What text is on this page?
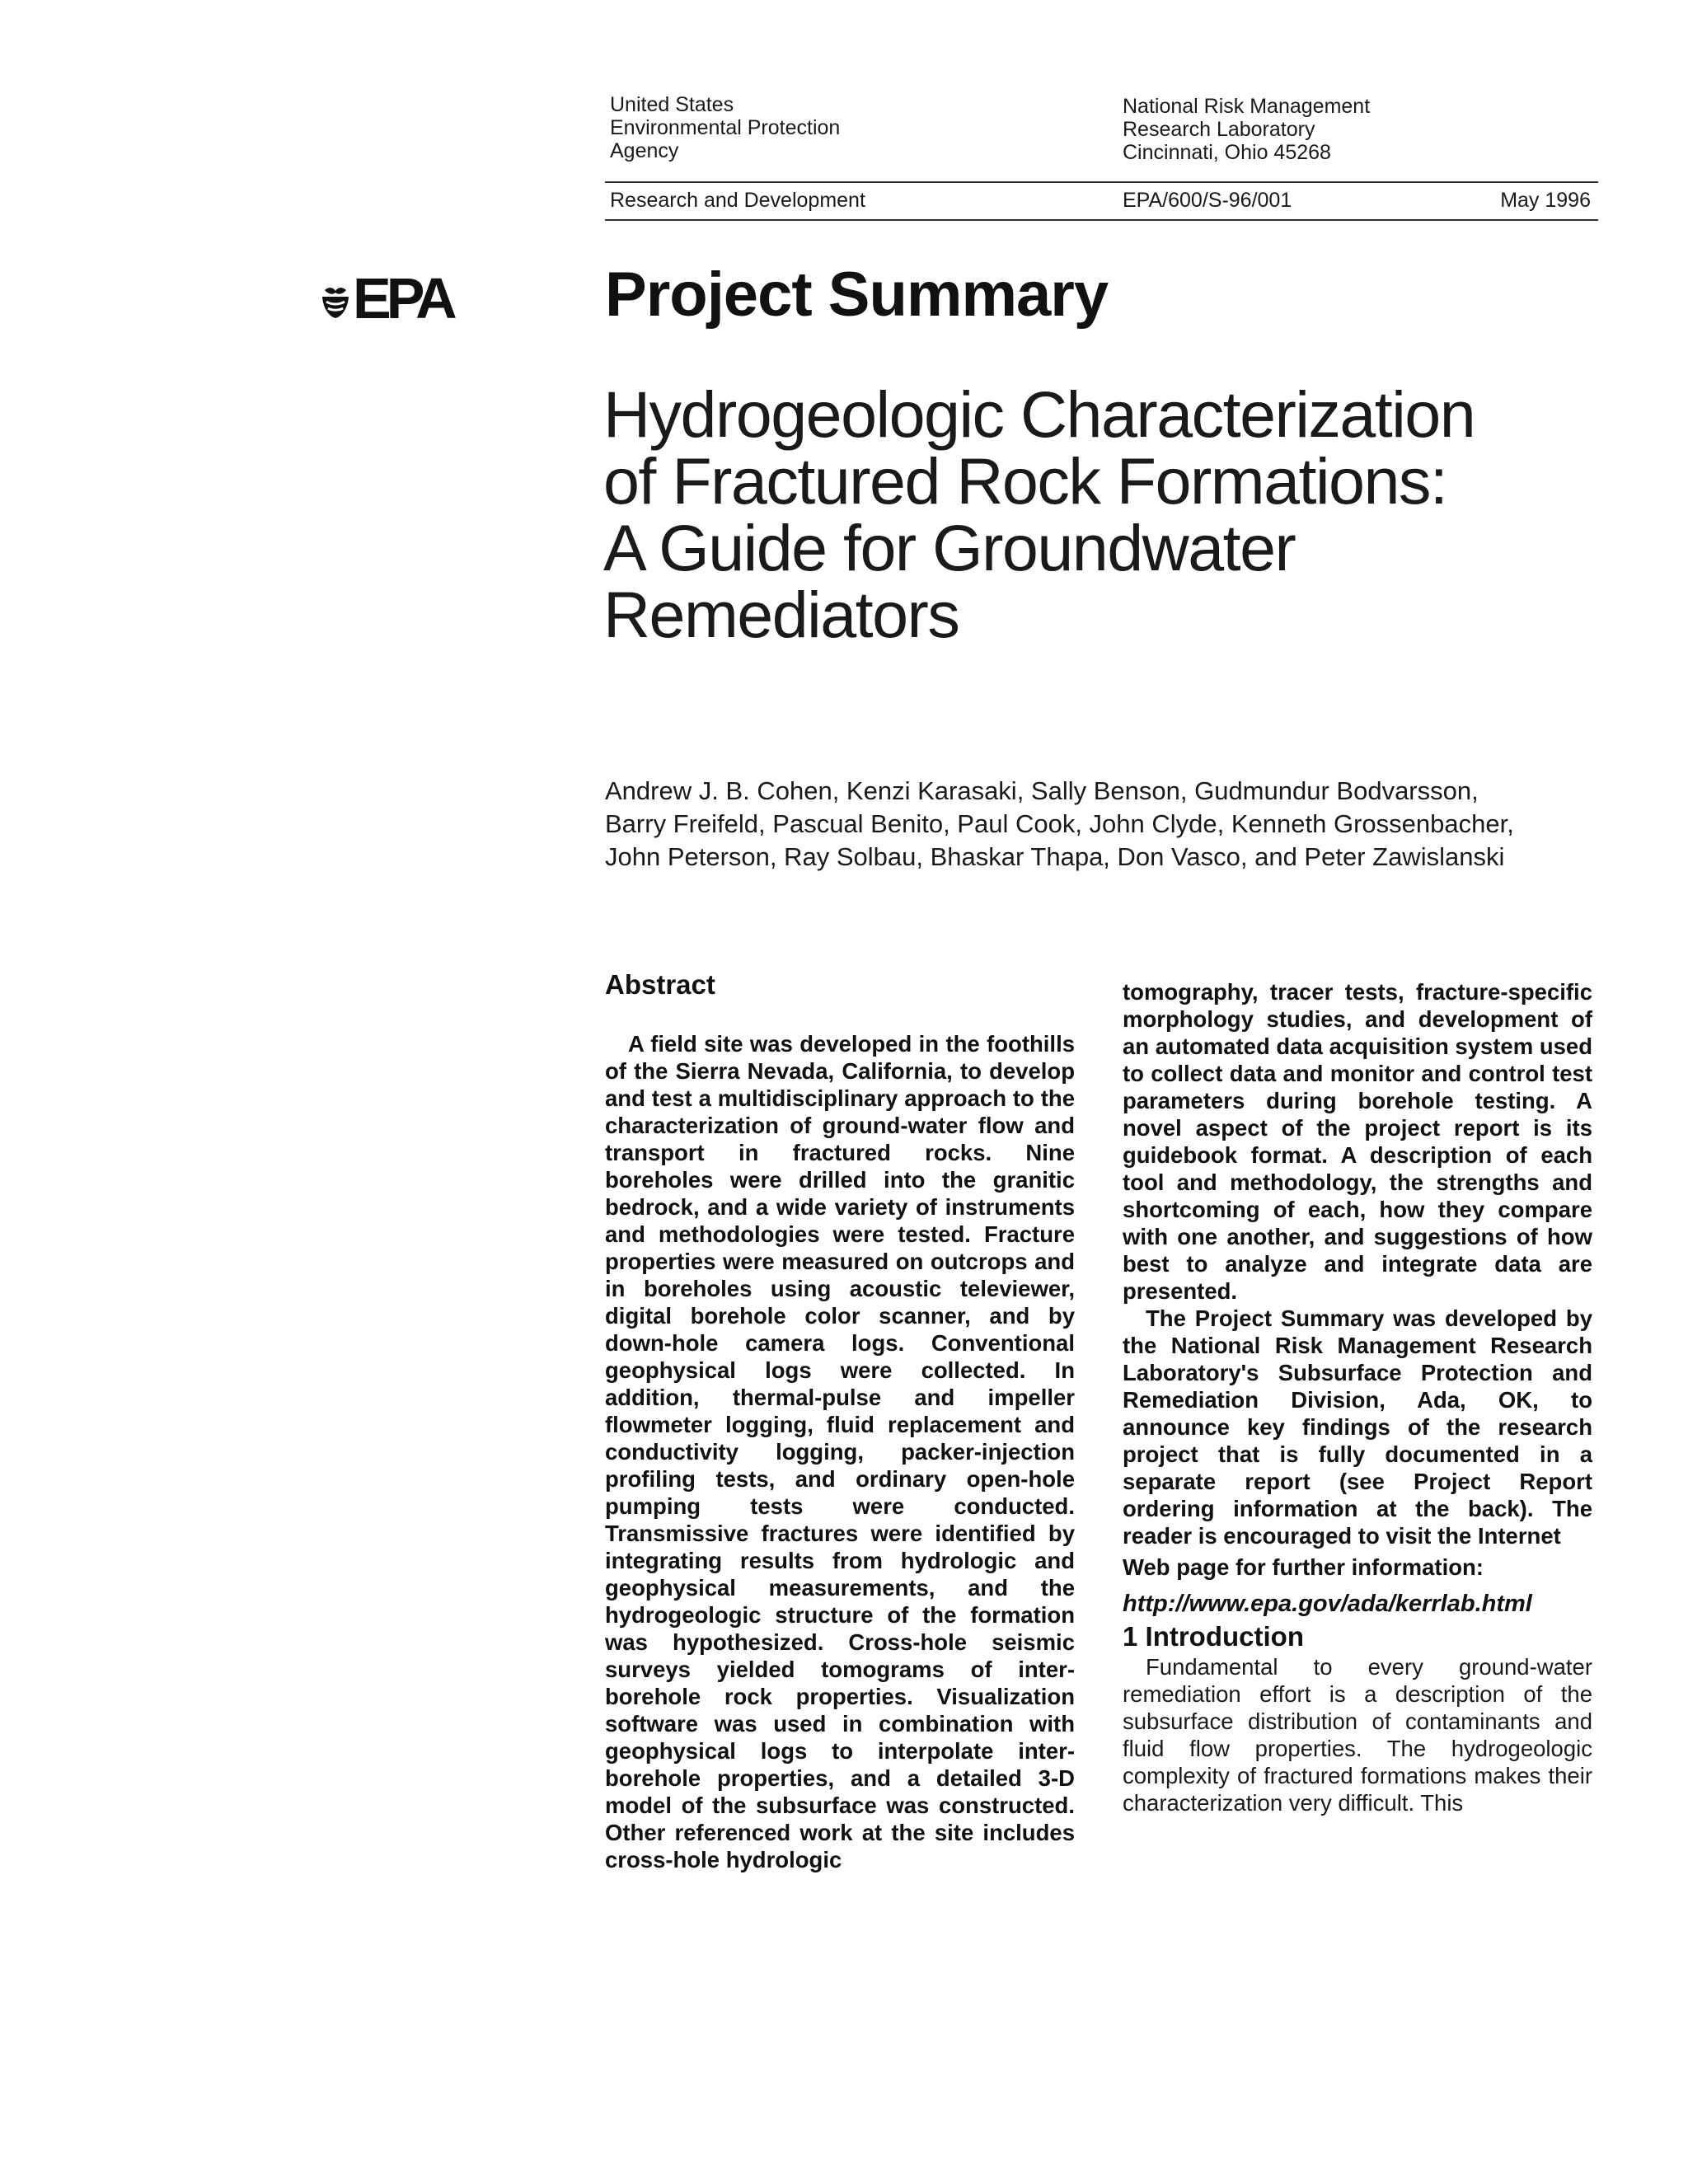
United States
Environmental Protection
Agency
National Risk Management
Research Laboratory
Cincinnati, Ohio 45268
Research and Development	EPA/600/S-96/001	May 1996
EPA Project Summary
Hydrogeologic Characterization
of Fractured Rock Formations:
A Guide for Groundwater
Remediators
Andrew J. B. Cohen, Kenzi Karasaki, Sally Benson, Gudmundur Bodvarsson,
Barry Freifeld, Pascual Benito, Paul Cook, John Clyde, Kenneth Grossenbacher,
John Peterson, Ray Solbau, Bhaskar Thapa, Don Vasco, and Peter Zawislanski
Abstract

A field site was developed in the foothills of the Sierra Nevada, California, to develop and test a multidisciplinary approach to the characterization of ground-water flow and transport in fractured rocks. Nine boreholes were drilled into the granitic bedrock, and a wide variety of instruments and methodologies were tested. Fracture properties were measured on outcrops and in boreholes using acoustic televiewer, digital borehole color scanner, and by down-hole camera logs. Conventional geophysical logs were collected. In addition, thermal-pulse and impeller flowmeter logging, fluid replacement and conductivity logging, packer-injection profiling tests, and ordinary open-hole pumping tests were conducted. Transmissive fractures were identified by integrating results from hydrologic and geophysical measurements, and the hydrogeologic structure of the formation was hypothesized. Cross-hole seismic surveys yielded tomograms of inter-borehole rock properties. Visualization software was used in combination with geophysical logs to interpolate inter-borehole properties, and a detailed 3-D model of the subsurface was constructed. Other referenced work at the site includes cross-hole hydrologic

tomography, tracer tests, fracture-specific morphology studies, and development of an automated data acquisition system used to collect data and monitor and control test parameters during borehole testing. A novel aspect of the project report is its guidebook format. A description of each tool and methodology, the strengths and shortcoming of each, how they compare with one another, and suggestions of how best to analyze and integrate data are presented.

The Project Summary was developed by the National Risk Management Research Laboratory's Subsurface Protection and Remediation Division, Ada, OK, to announce key findings of the research project that is fully documented in a separate report (see Project Report ordering information at the back). The reader is encouraged to visit the Internet

Web page for further information:

http://www.epa.gov/ada/kerrlab.html

1 Introduction

Fundamental to every ground-water remediation effort is a description of the subsurface distribution of contaminants and fluid flow properties. The hydrogeologic complexity of fractured formations makes their characterization very difficult. This
